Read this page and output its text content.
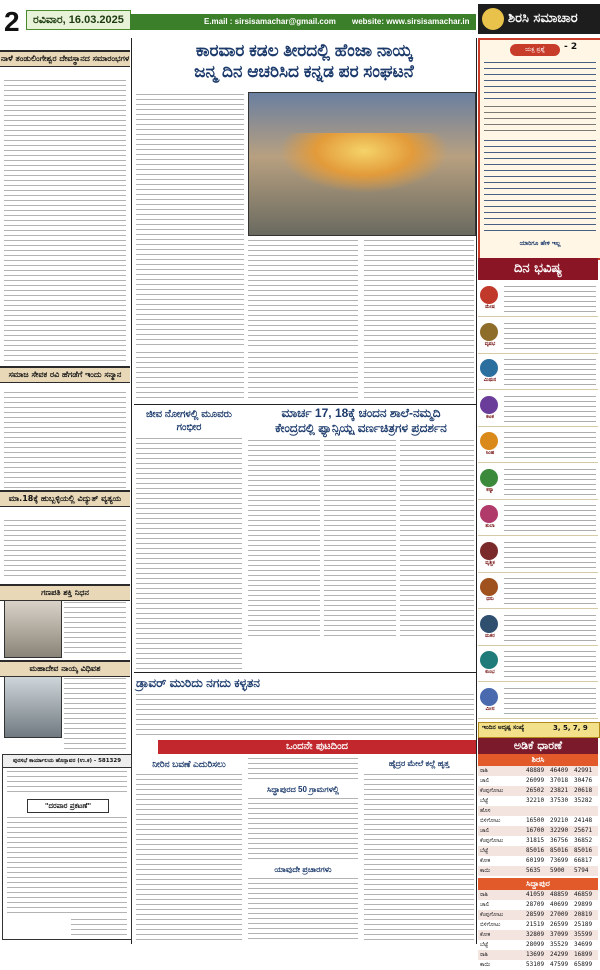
2	ರವಿವಾರ, 16.03.2025	E.mail : sirsisamachar@gmail.com website: www.sirsisamachar.in	ಶಿರಸಿ ಸಮಾಚಾರ
ನಾಳೆ ತಂಡುಲಿಂಗೇಶ್ವರ ದೇವಸ್ಥಾನದ ಸಮಾರಂಭಗಳ
ಸಮಾಜ ಸೇವಕ ರವಿ ಹೆಗಡೆಗೆ ಇಂದು ಸನ್ಮಾನ
ಮಾ.18ಕ್ಕೆ ಹುಬ್ಬಳ್ಳಿಯಲ್ಲಿ ವಿದ್ಯುತ್ ವ್ಯತ್ಯಯ
ಗಣಪತಿ ಶಕ್ತಿ ನಿಧನ
ಮಹಾದೇವ ನಾಯ್ಕ ವಿಧಿವಶ
ಪುರಸಭೆ ಕಾರ್ಯಾಲಯ ಹೊನ್ನಾವರ (ಉ.ಕ) - 581329
"ದರಪಾರ ಪ್ರಕಟಣೆ"
ಕಾರವಾರ ಕಡಲ ತೀರದಲ್ಲಿ ಹೆಂಜಾ ನಾಯ್ಕ
ಜನ್ಮ ದಿನ ಆಚರಿಸಿದ ಕನ್ನಡ ಪರ ಸಂಘಟನೆ
ಜೀವ ನೋಗಳಲ್ಲಿ ಮೂವರು ಗಂಭೀರ
ಮಾರ್ಚ 17, 18ಕ್ಕೆ ಚಂದನ ಶಾಲೆ-ನಮ್ಮದಿ
ಕೇಂದ್ರದಲ್ಲಿ ಫ್ಯಾನ್ಸಿಯ್ಷ ವರ್ಣಚಿತ್ರಗಳ ಪ್ರದರ್ಶನ
ಡ್ರಾವರ್ ಮುರಿದು ನಗದು ಕಳ್ಳತನ
ಒಂದನೇ ಪುಟದಿಂದ
ನೀರಿನ ಬವಣೆ ಎದುರಿಸಲು
ಸಿದ್ಧಾಪುರದ 50 ಗ್ರಾಮಗಳಲ್ಲಿ
ಯಾವುದೇ ಪ್ರಚಾರಗಳು
ಹೈದ್ರರ ಮೇಲೆ ಕಲ್ಲೆ ಹೃತ್ತ
ಯಕ್ಷ ಪ್ರಶ್ನೆ	- 2
ಯಾರಿಗೂ ಹೇಳಿ ಇಲ್ಲ
ದಿನ ಭವಿಷ್ಯ
ಮೇಷ
ವೃಷಭ
ಮಿಥುನ
ಕಟಕ
ಸಿಂಹ
ಕನ್ಯಾ
ತುಲಾ
ವೃಶ್ಚಿಕ
ಧನು
ಮಕರ
ಕುಂಭ
ಮೀನ
ಇಂದಿನ ಅದೃಷ್ಟ ಸಂಖ್ಯೆ	3, 5, 7, 9
ಅಡಿಕೆ ಧಾರಣೆ
ಶಿರಸಿ
ರಾಶಿ	48889 46409 42991
ಚಾಲಿ	26099 37018 30476
ಕೆಂಪುಗೋಟು	26502 23821 20618
ಬೆಟ್ಟೆ	32210 37530 35282
ಹೊಸ
ಬಿಳಿಗೋಟು	16500 29210 24148
ಚಾಲಿ	16700 32290 25671
ಕೆಂಪುಗೋಟು	31815 36756 36852
ಬೆಟ್ಟೆ	85016 85016 85016
ಕೋಕ	60199 73699 66817
ಕಾಯಿ	5635 5900 5794
ಸಿದ್ದಾಪುರ
ರಾಶಿ	41059 48859 46859
ಚಾಲಿ	28709 40699 29899
ಕೆಂಪುಗೋಟು	28599 27009 20819
ಬಿಳಿಗೋಟು	21519 26599 25189
ಕೋಕ	32809 37099 35599
ಬೆಟ್ಟೆ	28099 35529 34699
ರಾಶಿ	13699 24299 16899
ಕಾಯಿ	53109 47599 65899
